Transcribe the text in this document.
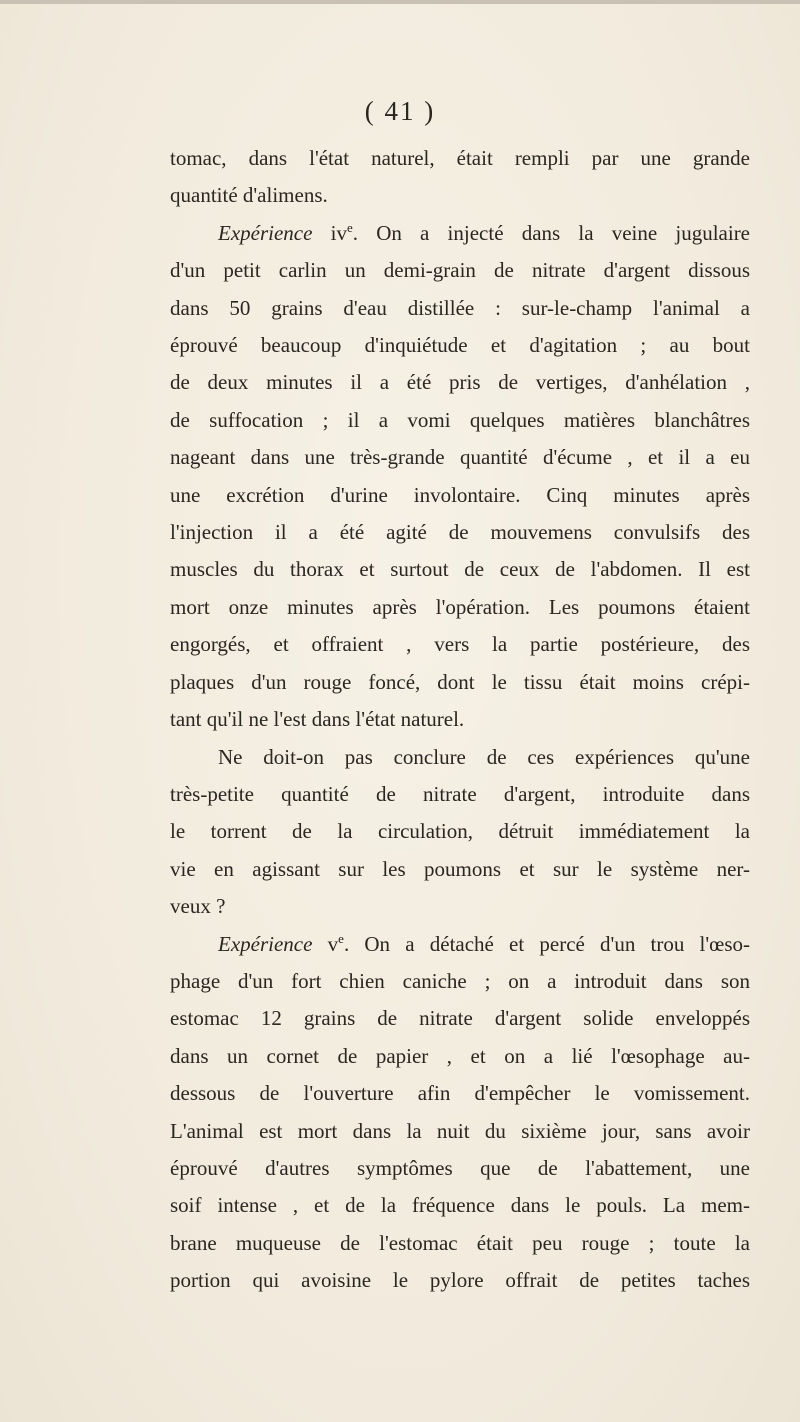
( 41 )
tomac, dans l'état naturel, était rempli par une grande
quantité d'alimens.
Expérience $iv^e$. On a injecté dans la veine jugulaire
d'un petit carlin un demi-grain de nitrate d'argent dissous
dans 50 grains d'eau distillée : sur-le-champ l'animal a
éprouvé beaucoup d'inquiétude et d'agitation ; au bout
de deux minutes il a été pris de vertiges, d'anhélation ,
de suffocation ; il a vomi quelques matières blanchâtres
nageant dans une très-grande quantité d'écume , et il a eu
une excrétion d'urine involontaire. Cinq minutes après
l'injection il a été agité de mouvemens convulsifs des
muscles du thorax et surtout de ceux de l'abdomen. Il est
mort onze minutes après l'opération. Les poumons étaient
engorgés, et offraient , vers la partie postérieure, des
plaques d'un rouge foncé, dont le tissu était moins crépi-
tant qu'il ne l'est dans l'état naturel.
Ne doit-on pas conclure de ces expériences qu'une
très-petite quantité de nitrate d'argent, introduite dans
le torrent de la circulation, détruit immédiatement la
vie en agissant sur les poumons et sur le système ner-
veux ?
Expérience $v^e$. On a détaché et percé d'un trou l'œso-
phage d'un fort chien caniche ; on a introduit dans son
estomac 12 grains de nitrate d'argent solide enveloppés
dans un cornet de papier , et on a lié l'œsophage au-
dessous de l'ouverture afin d'empêcher le vomissement.
L'animal est mort dans la nuit du sixième jour, sans avoir
éprouvé d'autres symptômes que de l'abattement, une
soif intense , et de la fréquence dans le pouls. La mem-
brane muqueuse de l'estomac était peu rouge ; toute la
portion qui avoisine le pylore offrait de petites taches
